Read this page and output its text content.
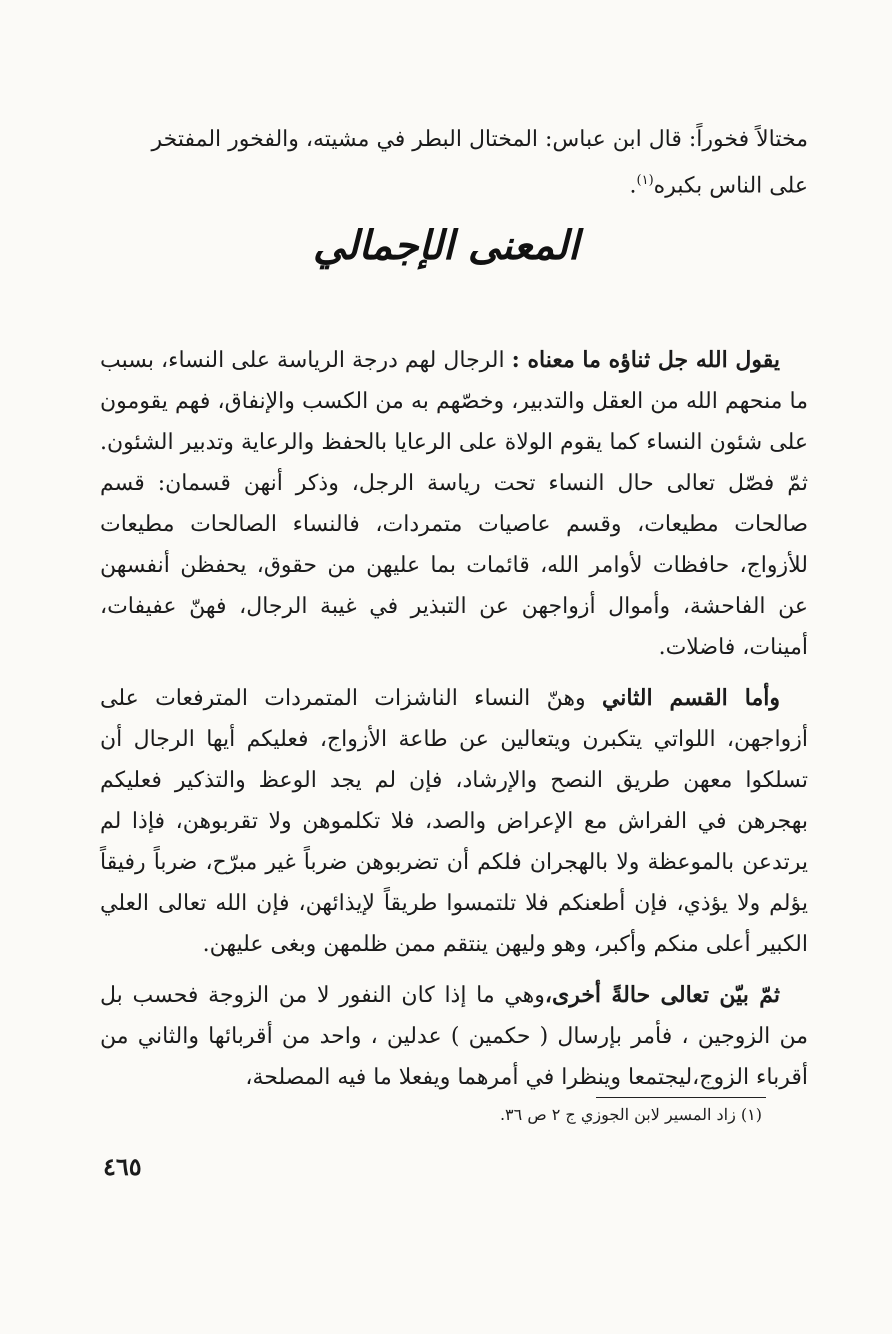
مختالاً فخوراً: قال ابن عباس: المختال البطر في مشيته، والفخور المفتخر
على الناس بكبره$^{(١)}$.
المعنى الإجمالي

يقول الله جل ثناؤه ما معناه : الرجال لهم درجة الرياسة على النساء، بسبب ما منحهم الله من العقل والتدبير، وخصّهم به من الكسب والإنفاق، فهم يقومون على شئون النساء كما يقوم الولاة على الرعايا بالحفظ والرعاية وتدبير الشئون. ثمّ فصّل تعالى حال النساء تحت رياسة الرجل، وذكر أنهن قسمان: قسم صالحات مطيعات، وقسم عاصيات متمردات، فالنساء الصالحات مطيعات للأزواج، حافظات لأوامر الله، قائمات بما عليهن من حقوق، يحفظن أنفسهن عن الفاحشة، وأموال أزواجهن عن التبذير في غيبة الرجال، فهنّ عفيفات، أمينات، فاضلات.

وأما القسم الثاني وهنّ النساء الناشزات المتمردات المترفعات على أزواجهن، اللواتي يتكبرن ويتعالين عن طاعة الأزواج، فعليكم أيها الرجال أن تسلكوا معهن طريق النصح والإرشاد، فإن لم يجد الوعظ والتذكير فعليكم بهجرهن في الفراش مع الإعراض والصد، فلا تكلموهن ولا تقربوهن، فإذا لم يرتدعن بالموعظة ولا بالهجران فلكم أن تضربوهن ضرباً غير مبرّح، ضرباً رفيقاً يؤلم ولا يؤذي، فإن أطعنكم فلا تلتمسوا طريقاً لإيذائهن، فإن الله تعالى العلي الكبير أعلى منكم وأكبر، وهو وليهن ينتقم ممن ظلمهن وبغى عليهن.

ثمّ بيّن تعالى حالةً أخرى،وهي ما إذا كان النفور لا من الزوجة فحسب بل من الزوجين ، فأمر بإرسال ( حكمين ) عدلين ، واحد من أقربائها والثاني من أقرباء الزوج،ليجتمعا وينظرا في أمرهما ويفعلا ما فيه المصلحة،

(١) زاد المسير لابن الجوزي ج ٢ ص ٣٦.
٤٦٥
